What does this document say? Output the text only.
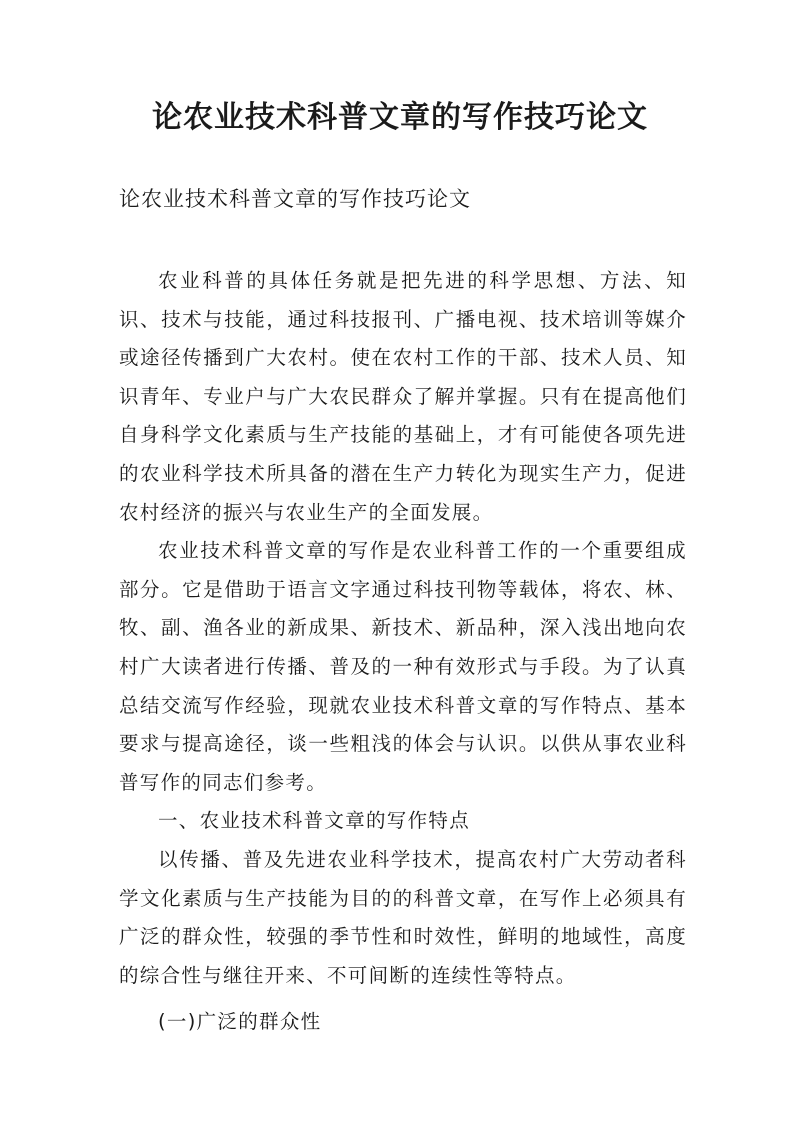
论农业技术科普文章的写作技巧论文

论农业技术科普文章的写作技巧论文

农业科普的具体任务就是把先进的科学思想、方法、知识、技术与技能，通过科技报刊、广播电视、技术培训等媒介或途径传播到广大农村。使在农村工作的干部、技术人员、知识青年、专业户与广大农民群众了解并掌握。只有在提高他们自身科学文化素质与生产技能的基础上，才有可能使各项先进的农业科学技术所具备的潜在生产力转化为现实生产力，促进农村经济的振兴与农业生产的全面发展。

农业技术科普文章的写作是农业科普工作的一个重要组成部分。它是借助于语言文字通过科技刊物等载体，将农、林、牧、副、渔各业的新成果、新技术、新品种，深入浅出地向农村广大读者进行传播、普及的一种有效形式与手段。为了认真总结交流写作经验，现就农业技术科普文章的写作特点、基本要求与提高途径，谈一些粗浅的体会与认识。以供从事农业科普写作的同志们参考。

一、农业技术科普文章的写作特点

以传播、普及先进农业科学技术，提高农村广大劳动者科学文化素质与生产技能为目的的科普文章，在写作上必须具有广泛的群众性，较强的季节性和时效性，鲜明的地域性，高度的综合性与继往开来、不可间断的连续性等特点。

(一)广泛的群众性
